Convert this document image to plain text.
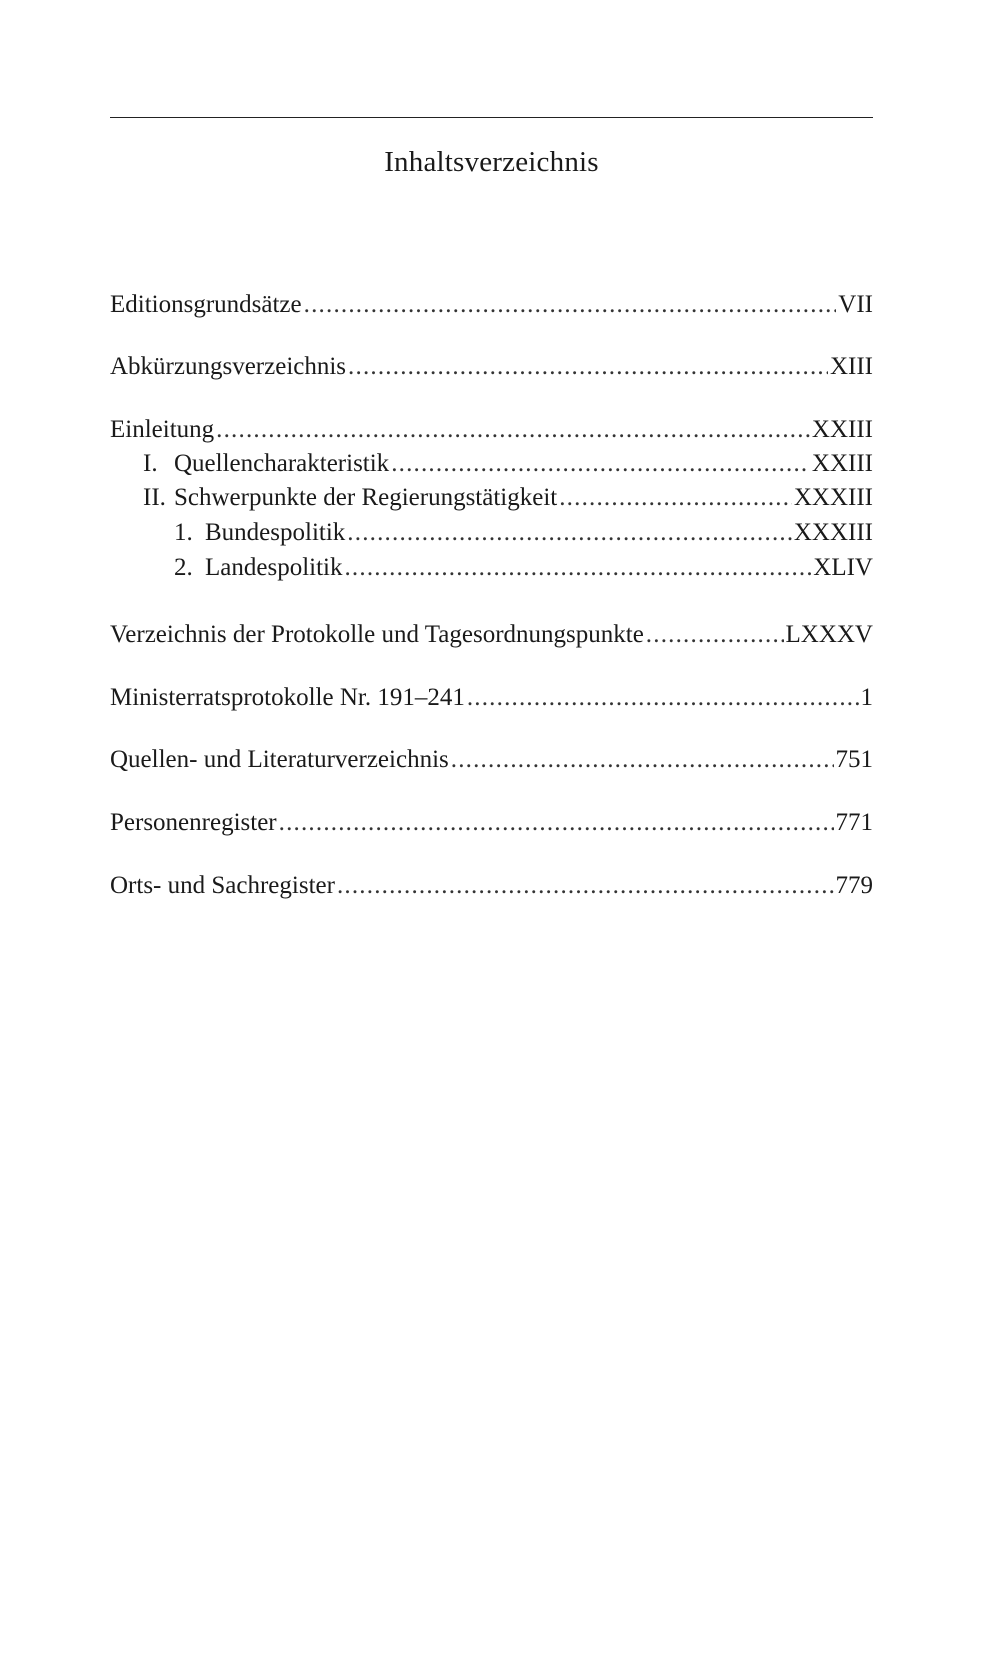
Inhaltsverzeichnis
Editionsgrundsätze .....	VII
Abkürzungsverzeichnis .....	XIII
Einleitung .....	XXIII
I. Quellencharakteristik .....	XXIII
II. Schwerpunkte der Regierungstätigkeit .....	XXXIII
1. Bundespolitik .....	XXXIII
2. Landespolitik .....	XLIV
Verzeichnis der Protokolle und Tagesordnungspunkte .....	LXXXV
Ministerratsprotokolle Nr. 191–241 .....	1
Quellen- und Literaturverzeichnis .....	751
Personenregister .....	771
Orts- und Sachregister .....	779
